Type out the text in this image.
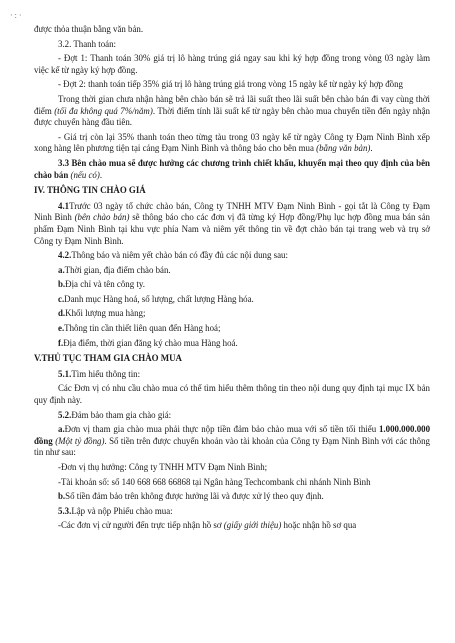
·:·

được thỏa thuận bằng văn bản.

3.2. Thanh toán:

- Đợt 1: Thanh toán 30% giá trị lô hàng trúng giá ngay sau khi ký hợp đồng trong vòng 03 ngày làm việc kể từ ngày ký hợp đồng.

- Đợt 2: thanh toán tiếp 35% giá trị lô hàng trúng giá trong vòng 15 ngày kể từ ngày ký hợp đồng

Trong thời gian chưa nhận hàng bên chào bán sẽ trả lãi suất theo lãi suất bên chào bán đi vay cùng thời điểm (tối đa không quá 7%/năm). Thời điểm tính lãi suất kể từ ngày bên chào mua chuyển tiền đến ngày nhận được chuyển hàng đầu tiên.

- Giá trị còn lại 35% thanh toán theo từng tàu trong 03 ngày kể từ ngày Công ty Đạm Ninh Bình xếp xong hàng lên phương tiện tại cảng Đạm Ninh Bình và thông báo cho bên mua (bằng văn bản).

3.3 Bên chào mua sẽ được hưởng các chương trình chiết khấu, khuyến mại theo quy định của bên chào bán (nếu có).

IV. THÔNG TIN CHÀO GIÁ

4.1Trước 03 ngày tổ chức chào bán, Công ty TNHH MTV Đạm Ninh Bình - gọi tắt là Công ty Đạm Ninh Bình (bên chào bán) sẽ thông báo cho các đơn vị đã từng ký Hợp đồng/Phụ lục hợp đồng mua bán sản phẩm Đạm Ninh Bình tại khu vực phía Nam và niêm yết thông tin về đợt chào bán tại trang web và trụ sở Công ty Đạm Ninh Bình.

4.2.Thông báo và niêm yết chào bán có đầy đủ các nội dung sau:

a.Thời gian, địa điểm chào bán.

b.Địa chỉ và tên công ty.

c.Danh mục Hàng hoá, số lượng, chất lượng Hàng hóa.

d.Khối lượng mua hàng;

e.Thông tin cần thiết liên quan đến Hàng hoá;

f.Địa điểm, thời gian đăng ký chào mua Hàng hoá.

V.THỦ TỤC THAM GIA CHÀO MUA

5.1.Tìm hiểu thông tin:

Các Đơn vị có nhu cầu chào mua có thể tìm hiểu thêm thông tin theo nội dung quy định tại mục IX bản quy định này.

5.2.Đảm bảo tham gia chào giá:

a.Đơn vị tham gia chào mua phải thực nộp tiền đảm bảo chào mua với số tiền tối thiểu 1.000.000.000 đồng (Một tỷ đồng). Số tiền trên được chuyển khoản vào tài khoản của Công ty Đạm Ninh Bình với các thông tin như sau:

-Đơn vị thụ hưởng: Công ty TNHH MTV Đạm Ninh Bình;

-Tài khoản số: số 140 668 668 66868 tại Ngân hàng Techcombank chi nhánh Ninh Bình

b.Số tiền đảm bảo trên không được hưởng lãi và được xử lý theo quy định.

5.3.Lập và nộp Phiếu chào mua:

-Các đơn vị cử người đến trực tiếp nhận hồ sơ (giấy giới thiệu) hoặc nhận hồ sơ qua
